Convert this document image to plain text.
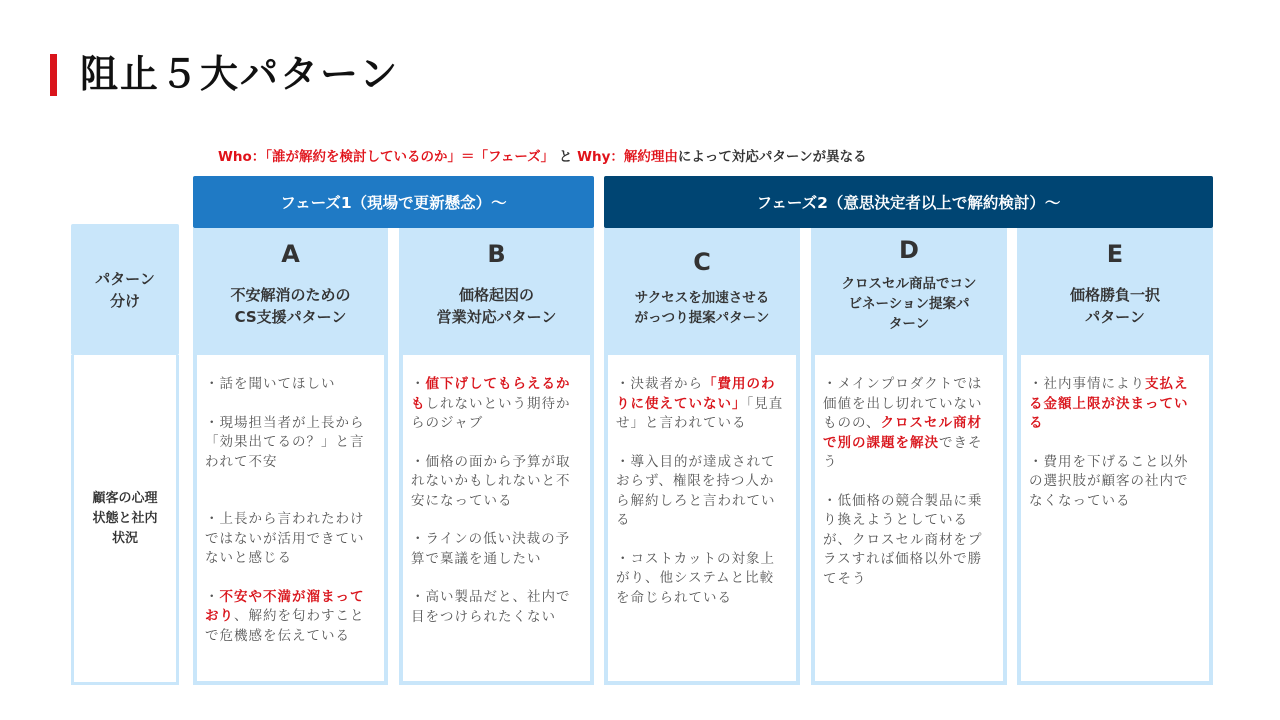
阻止５大パターン
Who：「誰が解約を検討しているのか」＝「フェーズ」 と Why：解約理由によって対応パターンが異なる
フェーズ1（現場で更新懸念）～	フェーズ2（意思決定者以上で解約検討）～
パターン
分け
顧客の心理
状態と社内
状況
A
不安解消のための
CS支援パターン

・話を聞いてほしい

・現場担当者が上長から「効果出てるの？」と言われて不安

・上長から言われたわけではないが活用できていないと感じる

・不安や不満が溜まっており、解約を匂わすことで危機感を伝えている

B
価格起因の
営業対応パターン

・値下げしてもらえるかもしれないという期待からのジャブ

・価格の面から予算が取れないかもしれないと不安になっている

・ラインの低い決裁の予算で稟議を通したい

・高い製品だと、社内で目をつけられたくない

C
サクセスを加速させる
がっつり提案パターン

・決裁者から「費用のわりに使えていない」「見直せ」と言われている

・導入目的が達成されておらず、権限を持つ人から解約しろと言われている

・コストカットの対象上がり、他システムと比較を命じられている

D
クロスセル商品でコン
ビネーション提案パ
ターン

・メインプロダクトでは価値を出し切れていないものの、クロスセル商材で別の課題を解決できそう

・低価格の競合製品に乗り換えようとしているが、クロスセル商材をプラスすれば価格以外で勝てそう

E
価格勝負一択
パターン

・社内事情により支払える金額上限が決まっている

・費用を下げること以外の選択肢が顧客の社内でなくなっている
